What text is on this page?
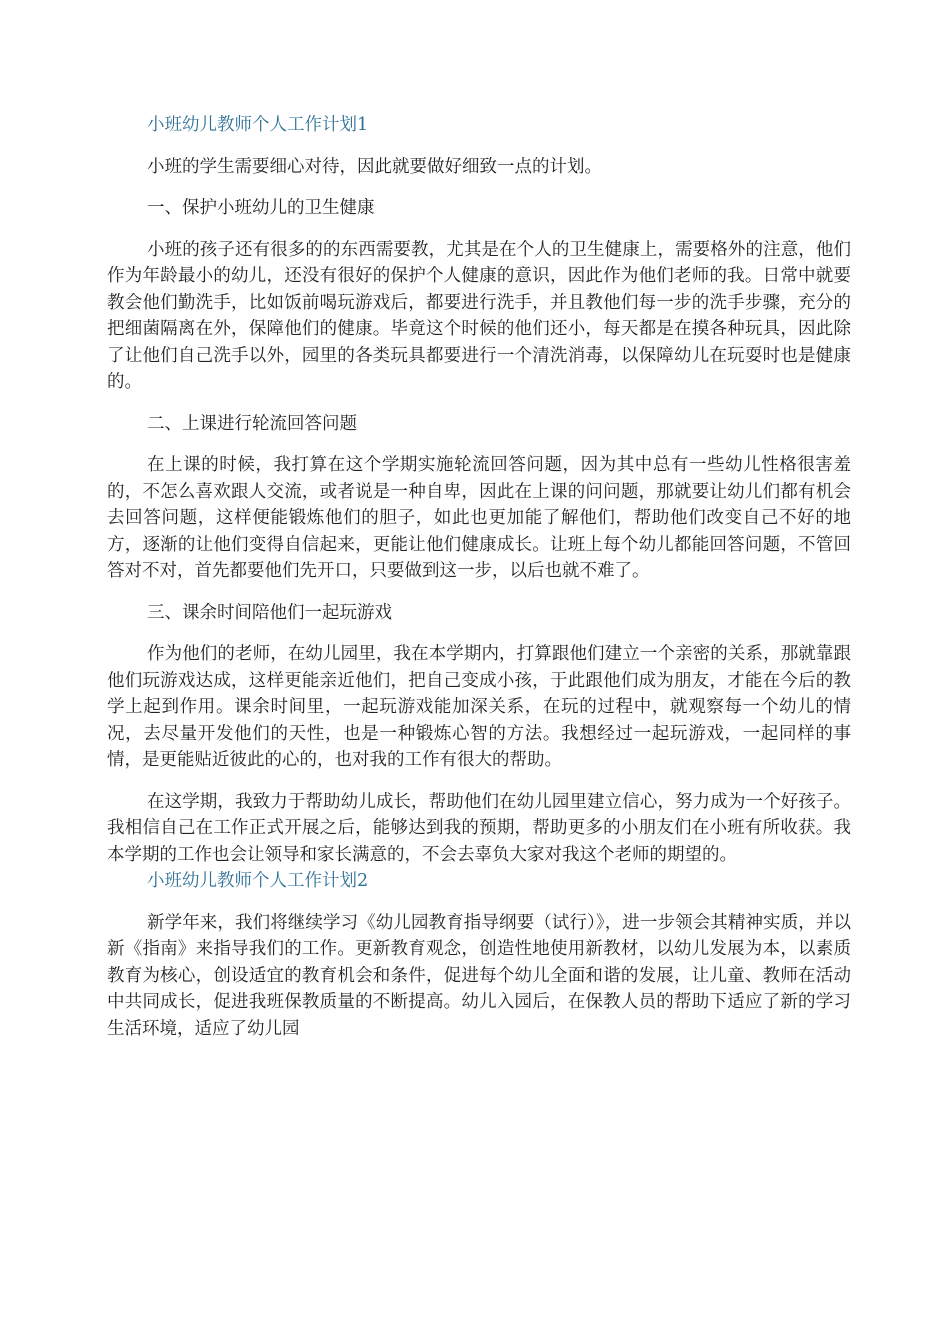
小班幼儿教师个人工作计划1

小班的学生需要细心对待，因此就要做好细致一点的计划。

一、保护小班幼儿的卫生健康

小班的孩子还有很多的的东西需要教，尤其是在个人的卫生健康上，需要格外的注意，他们作为年龄最小的幼儿，还没有很好的保护个人健康的意识，因此作为他们老师的我。日常中就要教会他们勤洗手，比如饭前喝玩游戏后，都要进行洗手，并且教他们每一步的洗手步骤，充分的把细菌隔离在外，保障他们的健康。毕竟这个时候的他们还小，每天都是在摸各种玩具，因此除了让他们自己洗手以外，园里的各类玩具都要进行一个清洗消毒，以保障幼儿在玩耍时也是健康的。

二、上课进行轮流回答问题

在上课的时候，我打算在这个学期实施轮流回答问题，因为其中总有一些幼儿性格很害羞的，不怎么喜欢跟人交流，或者说是一种自卑，因此在上课的问问题，那就要让幼儿们都有机会去回答问题，这样便能锻炼他们的胆子，如此也更加能了解他们，帮助他们改变自己不好的地方，逐渐的让他们变得自信起来，更能让他们健康成长。让班上每个幼儿都能回答问题，不管回答对不对，首先都要他们先开口，只要做到这一步，以后也就不难了。

三、课余时间陪他们一起玩游戏

作为他们的老师，在幼儿园里，我在本学期内，打算跟他们建立一个亲密的关系，那就靠跟他们玩游戏达成，这样更能亲近他们，把自己变成小孩，于此跟他们成为朋友，才能在今后的教学上起到作用。课余时间里，一起玩游戏能加深关系，在玩的过程中，就观察每一个幼儿的情况，去尽量开发他们的天性，也是一种锻炼心智的方法。我想经过一起玩游戏，一起同样的事情，是更能贴近彼此的心的，也对我的工作有很大的帮助。

在这学期，我致力于帮助幼儿成长，帮助他们在幼儿园里建立信心，努力成为一个好孩子。我相信自己在工作正式开展之后，能够达到我的预期，帮助更多的小朋友们在小班有所收获。我本学期的工作也会让领导和家长满意的，不会去辜负大家对我这个老师的期望的。

小班幼儿教师个人工作计划2

新学年来，我们将继续学习《幼儿园教育指导纲要（试行）》，进一步领会其精神实质，并以新《指南》来指导我们的工作。更新教育观念，创造性地使用新教材，以幼儿发展为本，以素质教育为核心，创设适宜的教育机会和条件，促进每个幼儿全面和谐的发展，让儿童、教师在活动中共同成长，促进我班保教质量的不断提高。幼儿入园后，在保教人员的帮助下适应了新的学习生活环境，适应了幼儿园
